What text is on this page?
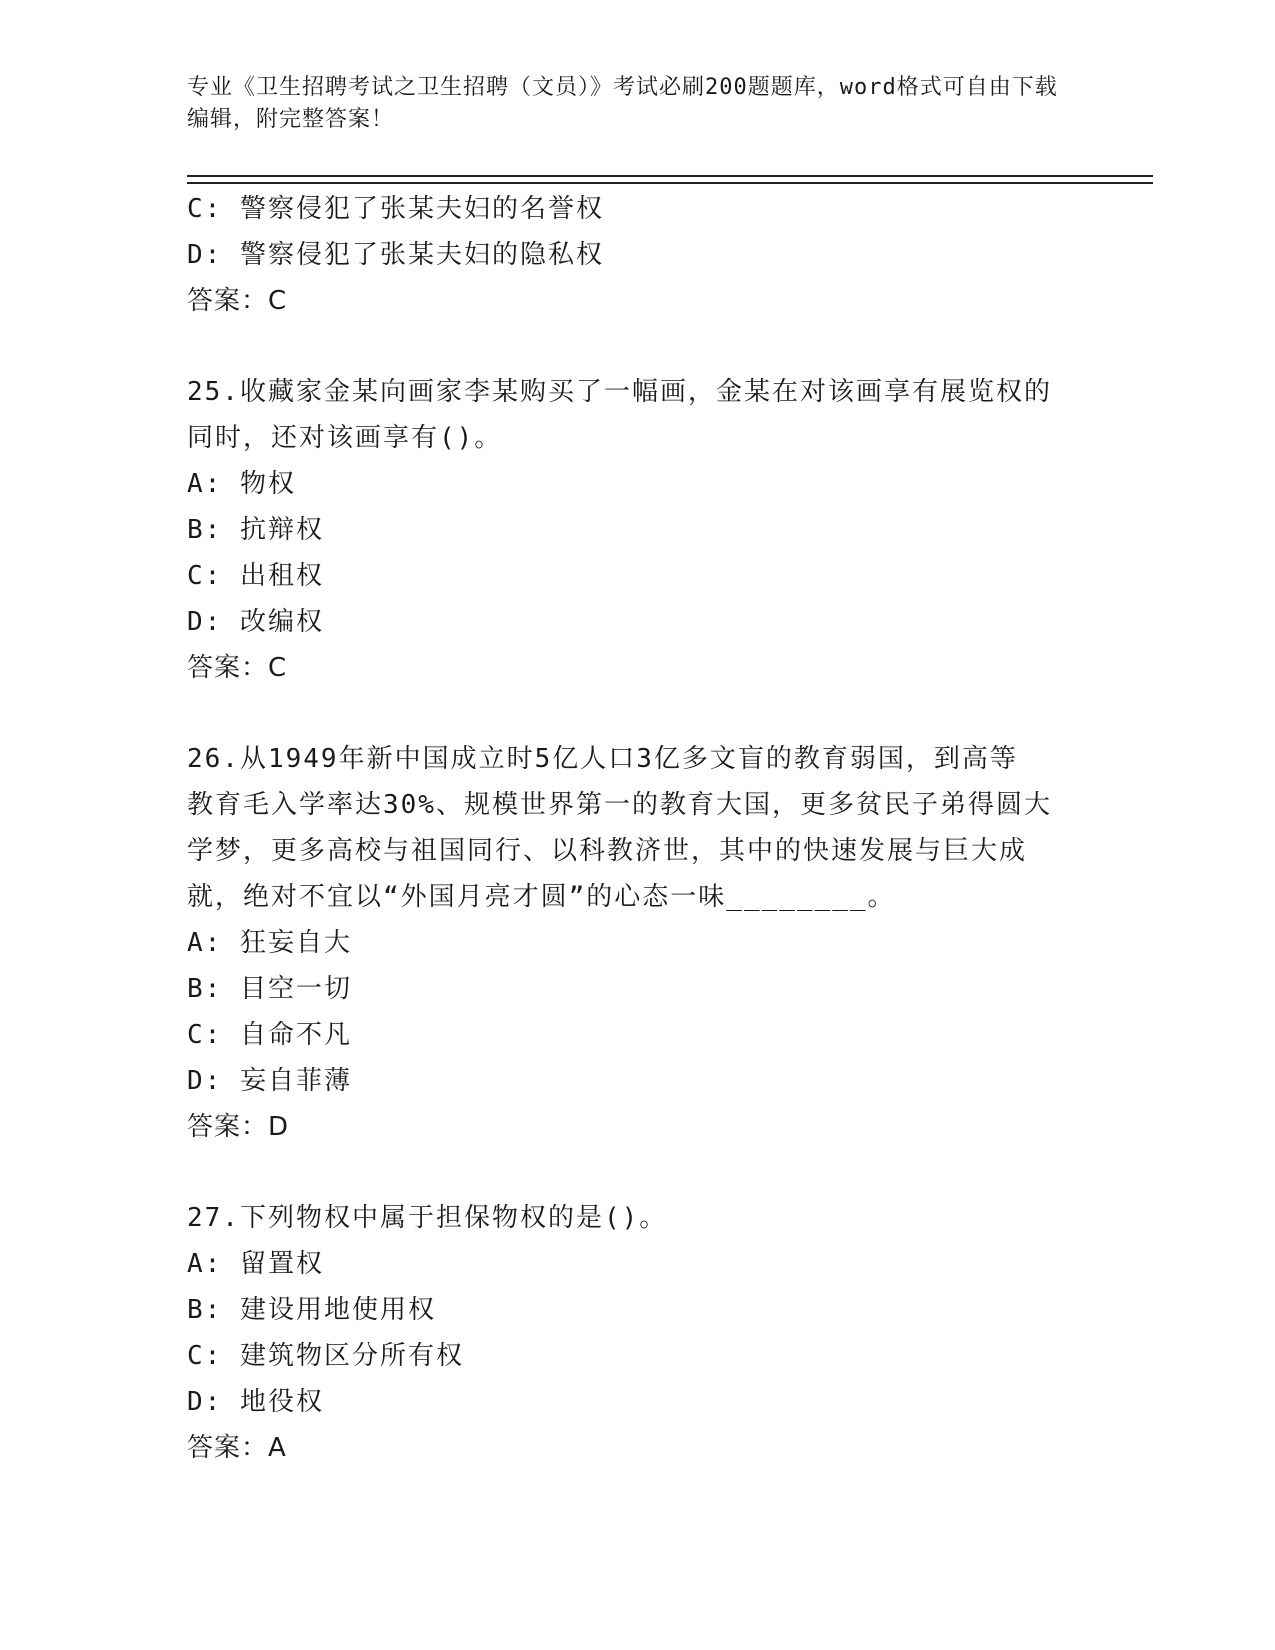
专业《卫生招聘考试之卫生招聘（文员）》考试必刷200题题库，word格式可自由下载编辑，附完整答案！
C: 警察侵犯了张某夫妇的名誉权
D: 警察侵犯了张某夫妇的隐私权
答案：C
25.收藏家金某向画家李某购买了一幅画，金某在对该画享有展览权的
同时，还对该画享有()。
A: 物权
B: 抗辩权
C: 出租权
D: 改编权
答案：C
26.从1949年新中国成立时5亿人口3亿多文盲的教育弱国，到高等
教育毛入学率达30%、规模世界第一的教育大国，更多贫民子弟得圆大
学梦，更多高校与祖国同行、以科教济世，其中的快速发展与巨大成
就，绝对不宜以“外国月亮才圆”的心态一味________。
A: 狂妄自大
B: 目空一切
C: 自命不凡
D: 妄自菲薄
答案：D
27.下列物权中属于担保物权的是()。
A: 留置权
B: 建设用地使用权
C: 建筑物区分所有权
D: 地役权
答案：A
